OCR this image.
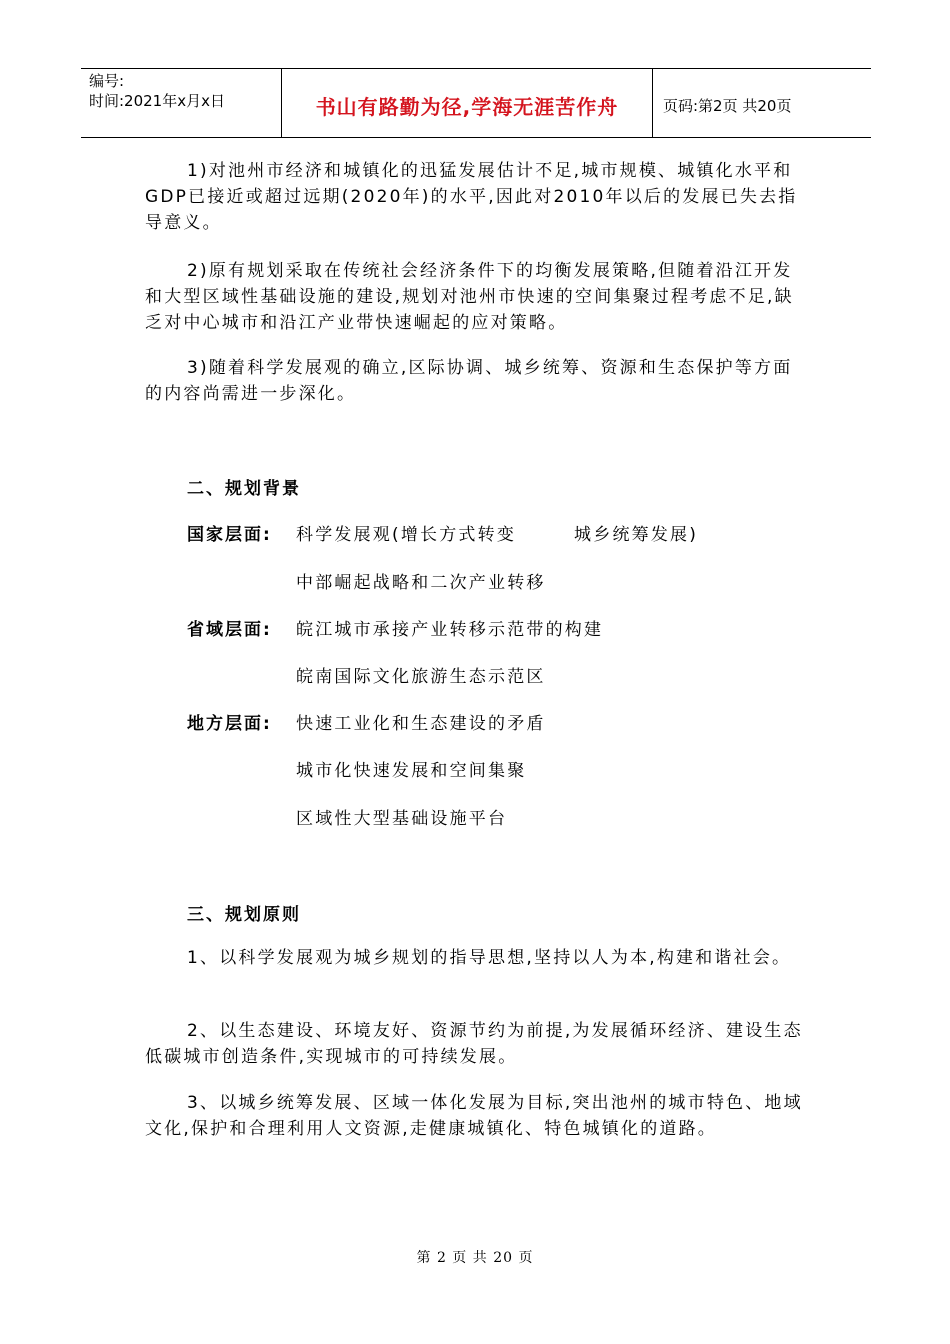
编号:
时间:2021年x月x日	书山有路勤为径,学海无涯苦作舟	页码:第2页 共20页
1)对池州市经济和城镇化的迅猛发展估计不足,城市规模、城镇化水平和GDP已接近或超过远期(2020年)的水平,因此对2010年以后的发展已失去指导意义。
2)原有规划采取在传统社会经济条件下的均衡发展策略,但随着沿江开发和大型区域性基础设施的建设,规划对池州市快速的空间集聚过程考虑不足,缺乏对中心城市和沿江产业带快速崛起的应对策略。
3)随着科学发展观的确立,区际协调、城乡统筹、资源和生态保护等方面的内容尚需进一步深化。
二、规划背景
国家层面: 科学发展观(增长方式转变	城乡统筹发展)
中部崛起战略和二次产业转移
省域层面: 皖江城市承接产业转移示范带的构建
皖南国际文化旅游生态示范区
地方层面: 快速工业化和生态建设的矛盾
城市化快速发展和空间集聚
区域性大型基础设施平台
三、规划原则
1、以科学发展观为城乡规划的指导思想,坚持以人为本,构建和谐社会。
2、以生态建设、环境友好、资源节约为前提,为发展循环经济、建设生态低碳城市创造条件,实现城市的可持续发展。
3、以城乡统筹发展、区域一体化发展为目标,突出池州的城市特色、地域文化,保护和合理利用人文资源,走健康城镇化、特色城镇化的道路。
第 2 页 共 20 页
